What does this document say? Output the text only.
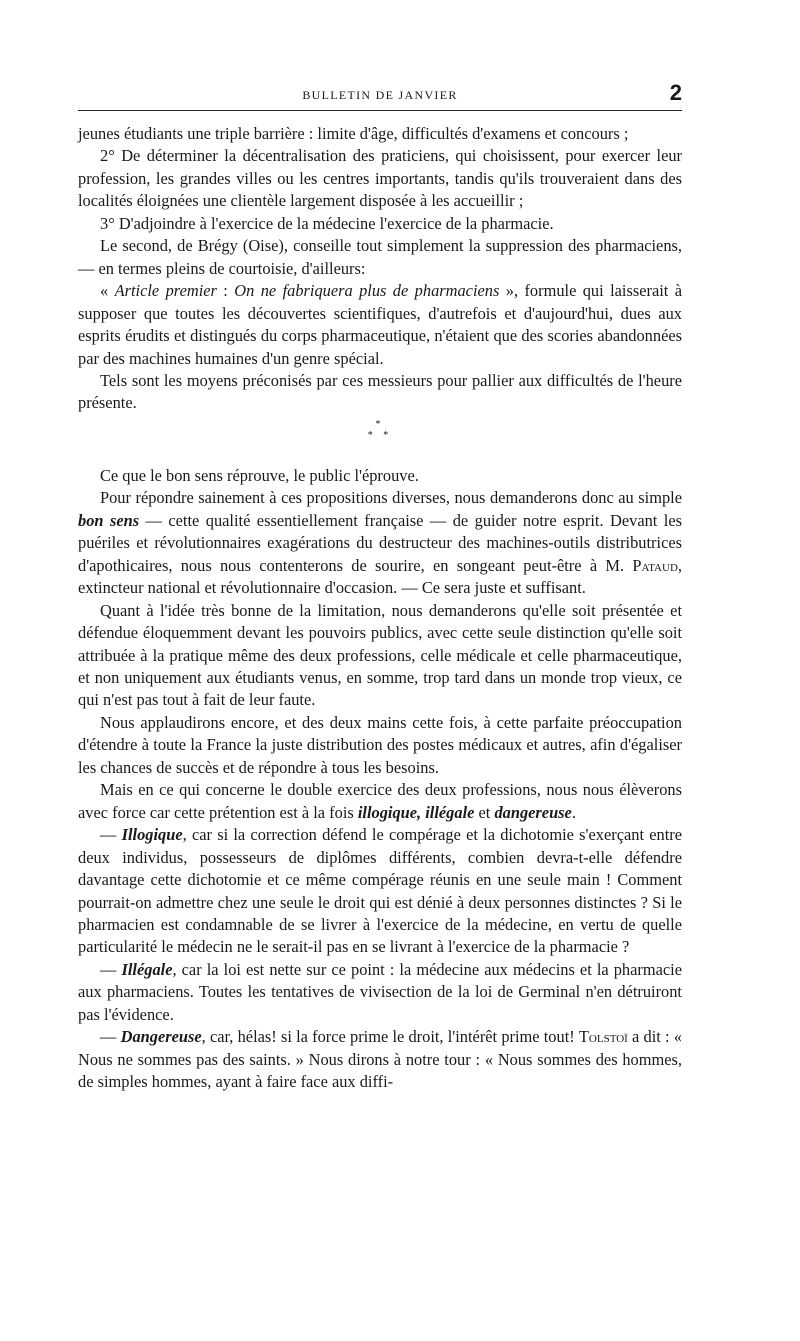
BULLETIN DE JANVIER	2

jeunes étudiants une triple barrière : limite d'âge, difficultés d'examens et concours ;

2° De déterminer la décentralisation des praticiens, qui choisissent, pour exercer leur profession, les grandes villes ou les centres importants, tandis qu'ils trouveraient dans des localités éloignées une clientèle largement disposée à les accueillir ;

3° D'adjoindre à l'exercice de la médecine l'exercice de la pharmacie.

Le second, de Brégy (Oise), conseille tout simplement la suppression des pharmaciens, — en termes pleins de courtoisie, d'ailleurs:

« Article premier : On ne fabriquera plus de pharmaciens », formule qui laisserait à supposer que toutes les découvertes scientifiques, d'autrefois et d'aujourd'hui, dues aux esprits érudits et distingués du corps pharmaceutique, n'étaient que des scories abandonnées par des machines humaines d'un genre spécial.

Tels sont les moyens préconisés par ces messieurs pour pallier aux difficultés de l'heure présente.

*
* *

Ce que le bon sens réprouve, le public l'éprouve.

Pour répondre sainement à ces propositions diverses, nous demanderons donc au simple bon sens — cette qualité essentiellement française — de guider notre esprit. Devant les puériles et révolutionnaires exagérations du destructeur des machines-outils distributrices d'apothicaires, nous nous contenterons de sourire, en songeant peut-être à M. Pataud, extincteur national et révolutionnaire d'occasion. — Ce sera juste et suffisant.

Quant à l'idée très bonne de la limitation, nous demanderons qu'elle soit présentée et défendue éloquemment devant les pouvoirs publics, avec cette seule distinction qu'elle soit attribuée à la pratique même des deux professions, celle médicale et celle pharmaceutique, et non uniquement aux étudiants venus, en somme, trop tard dans un monde trop vieux, ce qui n'est pas tout à fait de leur faute.

Nous applaudirons encore, et des deux mains cette fois, à cette parfaite préoccupation d'étendre à toute la France la juste distribution des postes médicaux et autres, afin d'égaliser les chances de succès et de répondre à tous les besoins.

Mais en ce qui concerne le double exercice des deux professions, nous nous élèverons avec force car cette prétention est à la fois illogique, illégale et dangereuse.

— Illogique, car si la correction défend le compérage et la dichotomie s'exerçant entre deux individus, possesseurs de diplômes différents, combien devra-t-elle défendre davantage cette dichotomie et ce même compérage réunis en une seule main ! Comment pourrait-on admettre chez une seule le droit qui est dénié à deux personnes distinctes ? Si le pharmacien est condamnable de se livrer à l'exercice de la médecine, en vertu de quelle particularité le médecin ne le serait-il pas en se livrant à l'exercice de la pharmacie ?

— Illégale, car la loi est nette sur ce point : la médecine aux médecins et la pharmacie aux pharmaciens. Toutes les tentatives de vivisection de la loi de Germinal n'en détruiront pas l'évidence.

— Dangereuse, car, hélas! si la force prime le droit, l'intérêt prime tout! Tolstoï a dit : « Nous ne sommes pas des saints. » Nous dirons à notre tour : « Nous sommes des hommes, de simples hommes, ayant à faire face aux diffi-
